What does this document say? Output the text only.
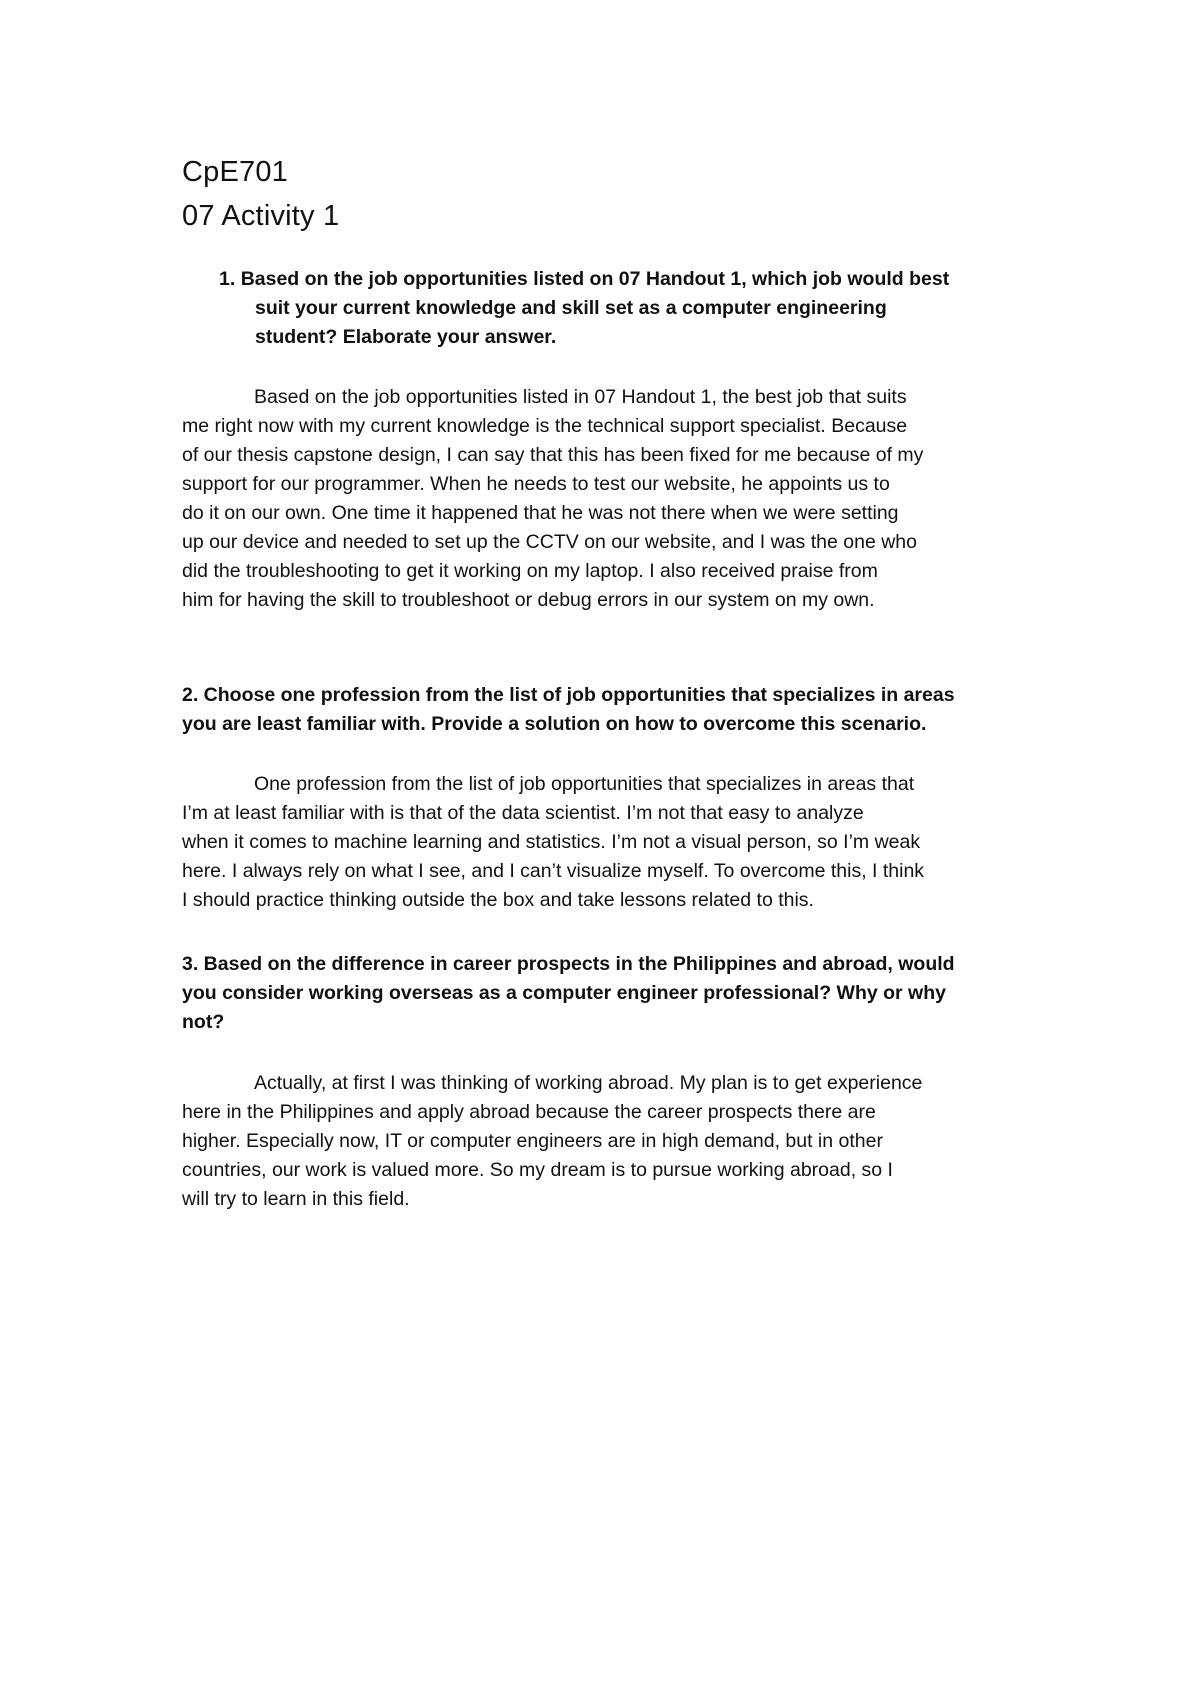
CpE701
07 Activity 1
1. Based on the job opportunities listed on 07 Handout 1, which job would best
suit your current knowledge and skill set as a computer engineering
student? Elaborate your answer.
Based on the job opportunities listed in 07 Handout 1, the best job that suits
me right now with my current knowledge is the technical support specialist. Because
of our thesis capstone design, I can say that this has been fixed for me because of my
support for our programmer. When he needs to test our website, he appoints us to
do it on our own. One time it happened that he was not there when we were setting
up our device and needed to set up the CCTV on our website, and I was the one who
did the troubleshooting to get it working on my laptop. I also received praise from
him for having the skill to troubleshoot or debug errors in our system on my own.
2. Choose one profession from the list of job opportunities that specializes in areas
you are least familiar with. Provide a solution on how to overcome this scenario.
One profession from the list of job opportunities that specializes in areas that
I’m at least familiar with is that of the data scientist. I’m not that easy to analyze
when it comes to machine learning and statistics. I’m not a visual person, so I’m weak
here. I always rely on what I see, and I can’t visualize myself. To overcome this, I think
I should practice thinking outside the box and take lessons related to this.
3. Based on the difference in career prospects in the Philippines and abroad, would
you consider working overseas as a computer engineer professional? Why or why
not?
Actually, at first I was thinking of working abroad. My plan is to get experience
here in the Philippines and apply abroad because the career prospects there are
higher. Especially now, IT or computer engineers are in high demand, but in other
countries, our work is valued more. So my dream is to pursue working abroad, so I
will try to learn in this field.
